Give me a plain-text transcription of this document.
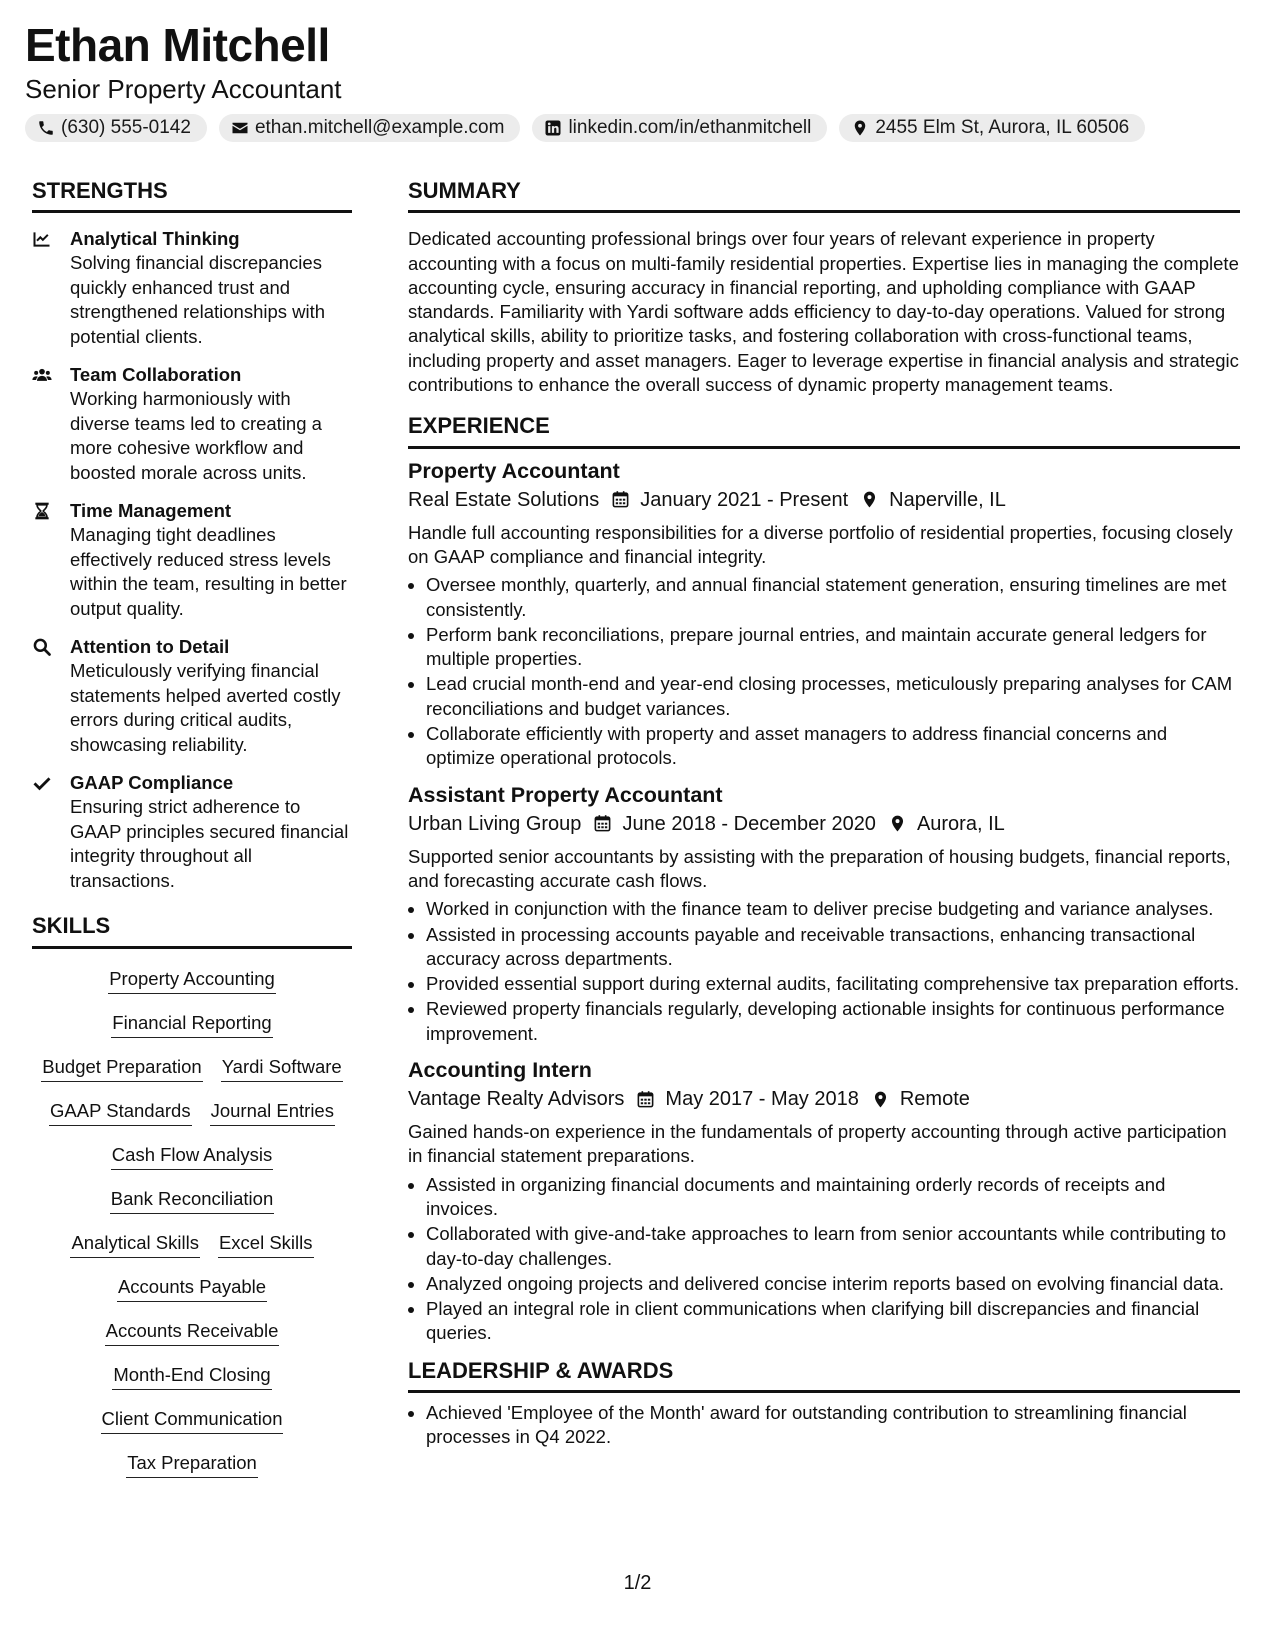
Ethan Mitchell
Senior Property Accountant
(630) 555-0142	ethan.mitchell@example.com	linkedin.com/in/ethanmitchell	2455 Elm St, Aurora, IL 60506
STRENGTHS
Analytical Thinking
Solving financial discrepancies quickly enhanced trust and strengthened relationships with potential clients.
Team Collaboration
Working harmoniously with diverse teams led to creating a more cohesive workflow and boosted morale across units.
Time Management
Managing tight deadlines effectively reduced stress levels within the team, resulting in better output quality.
Attention to Detail
Meticulously verifying financial statements helped averted costly errors during critical audits, showcasing reliability.
GAAP Compliance
Ensuring strict adherence to GAAP principles secured financial integrity throughout all transactions.
SKILLS
Property Accounting
Financial Reporting
Budget Preparation Yardi Software
GAAP Standards Journal Entries
Cash Flow Analysis
Bank Reconciliation
Analytical Skills Excel Skills
Accounts Payable
Accounts Receivable
Month-End Closing
Client Communication
Tax Preparation
SUMMARY

Dedicated accounting professional brings over four years of relevant experience in property accounting with a focus on multi-family residential properties. Expertise lies in managing the complete accounting cycle, ensuring accuracy in financial reporting, and upholding compliance with GAAP standards. Familiarity with Yardi software adds efficiency to day-to-day operations. Valued for strong analytical skills, ability to prioritize tasks, and fostering collaboration with cross-functional teams, including property and asset managers. Eager to leverage expertise in financial analysis and strategic contributions to enhance the overall success of dynamic property management teams.

EXPERIENCE
Property Accountant
Real Estate Solutions January 2021 - Present Naperville, IL

Handle full accounting responsibilities for a diverse portfolio of residential properties, focusing closely on GAAP compliance and financial integrity.

• Oversee monthly, quarterly, and annual financial statement generation, ensuring timelines are met consistently.
• Perform bank reconciliations, prepare journal entries, and maintain accurate general ledgers for multiple properties.
• Lead crucial month-end and year-end closing processes, meticulously preparing analyses for CAM reconciliations and budget variances.
• Collaborate efficiently with property and asset managers to address financial concerns and optimize operational protocols.
Assistant Property Accountant
Urban Living Group June 2018 - December 2020 Aurora, IL

Supported senior accountants by assisting with the preparation of housing budgets, financial reports, and forecasting accurate cash flows.

• Worked in conjunction with the finance team to deliver precise budgeting and variance analyses.
• Assisted in processing accounts payable and receivable transactions, enhancing transactional accuracy across departments.
• Provided essential support during external audits, facilitating comprehensive tax preparation efforts.
• Reviewed property financials regularly, developing actionable insights for continuous performance improvement.
Accounting Intern
Vantage Realty Advisors May 2017 - May 2018 Remote

Gained hands-on experience in the fundamentals of property accounting through active participation in financial statement preparations.

• Assisted in organizing financial documents and maintaining orderly records of receipts and invoices.
• Collaborated with give-and-take approaches to learn from senior accountants while contributing to day-to-day challenges.
• Analyzed ongoing projects and delivered concise interim reports based on evolving financial data.
• Played an integral role in client communications when clarifying bill discrepancies and financial queries.
LEADERSHIP & AWARDS
• Achieved 'Employee of the Month' award for outstanding contribution to streamlining financial processes in Q4 2022.
1/2
